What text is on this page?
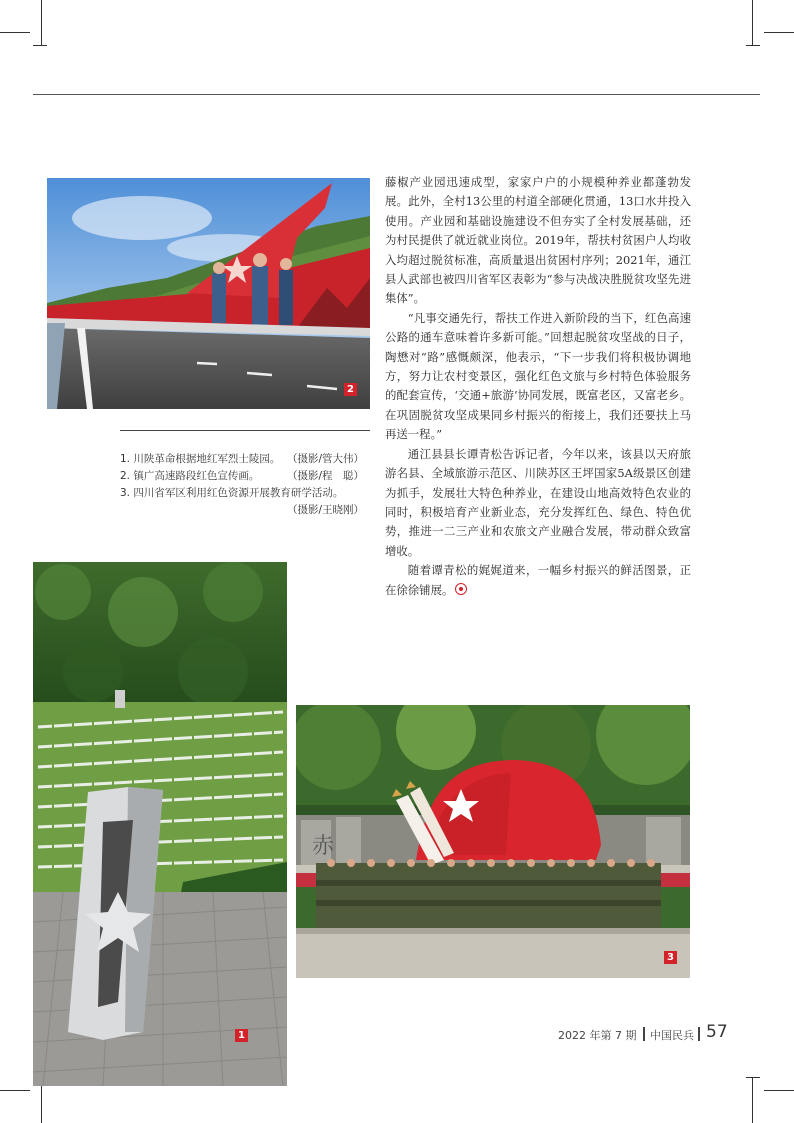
2
1. 川陕革命根据地红军烈士陵园。 （摄影/管大伟）
2. 镇广高速路段红色宣传画。	（摄影/程　聪）
3. 四川省军区利用红色资源开展教育研学活动。
（摄影/王晓刚）

藤椒产业园迅速成型，家家户户的小规模种养业都蓬勃发展。此外，全村13公里的村道全部硬化贯通，13口水井投入使用。产业园和基础设施建设不但夯实了全村发展基础，还为村民提供了就近就业岗位。2019年，帮扶村贫困户人均收入均超过脱贫标准，高质量退出贫困村序列；2021年，通江县人武部也被四川省军区表彰为“参与决战决胜脱贫攻坚先进集体”。

“凡事交通先行，帮扶工作进入新阶段的当下，红色高速公路的通车意味着许多新可能。”回想起脱贫攻坚战的日子，陶懋对“路”感慨颇深，他表示，“下一步我们将积极协调地方，努力让农村变景区，强化红色文旅与乡村特色体验服务的配套宣传，‘交通+旅游’协同发展，既富老区，又富老乡。在巩固脱贫攻坚成果同乡村振兴的衔接上，我们还要扶上马再送一程。”

通江县县长谭青松告诉记者，今年以来，该县以天府旅游名县、全域旅游示范区、川陕苏区王坪国家5A级景区创建为抓手，发展壮大特色种养业，在建设山地高效特色农业的同时，积极培育产业新业态，充分发挥红色、绿色、特色优势，推进一二三产业和农旅文产业融合发展，带动群众致富增收。

随着谭青松的娓娓道来，一幅乡村振兴的鲜活图景，正在徐徐铺展。

1
赤
3
2022 年第 7 期 中国民兵 57
